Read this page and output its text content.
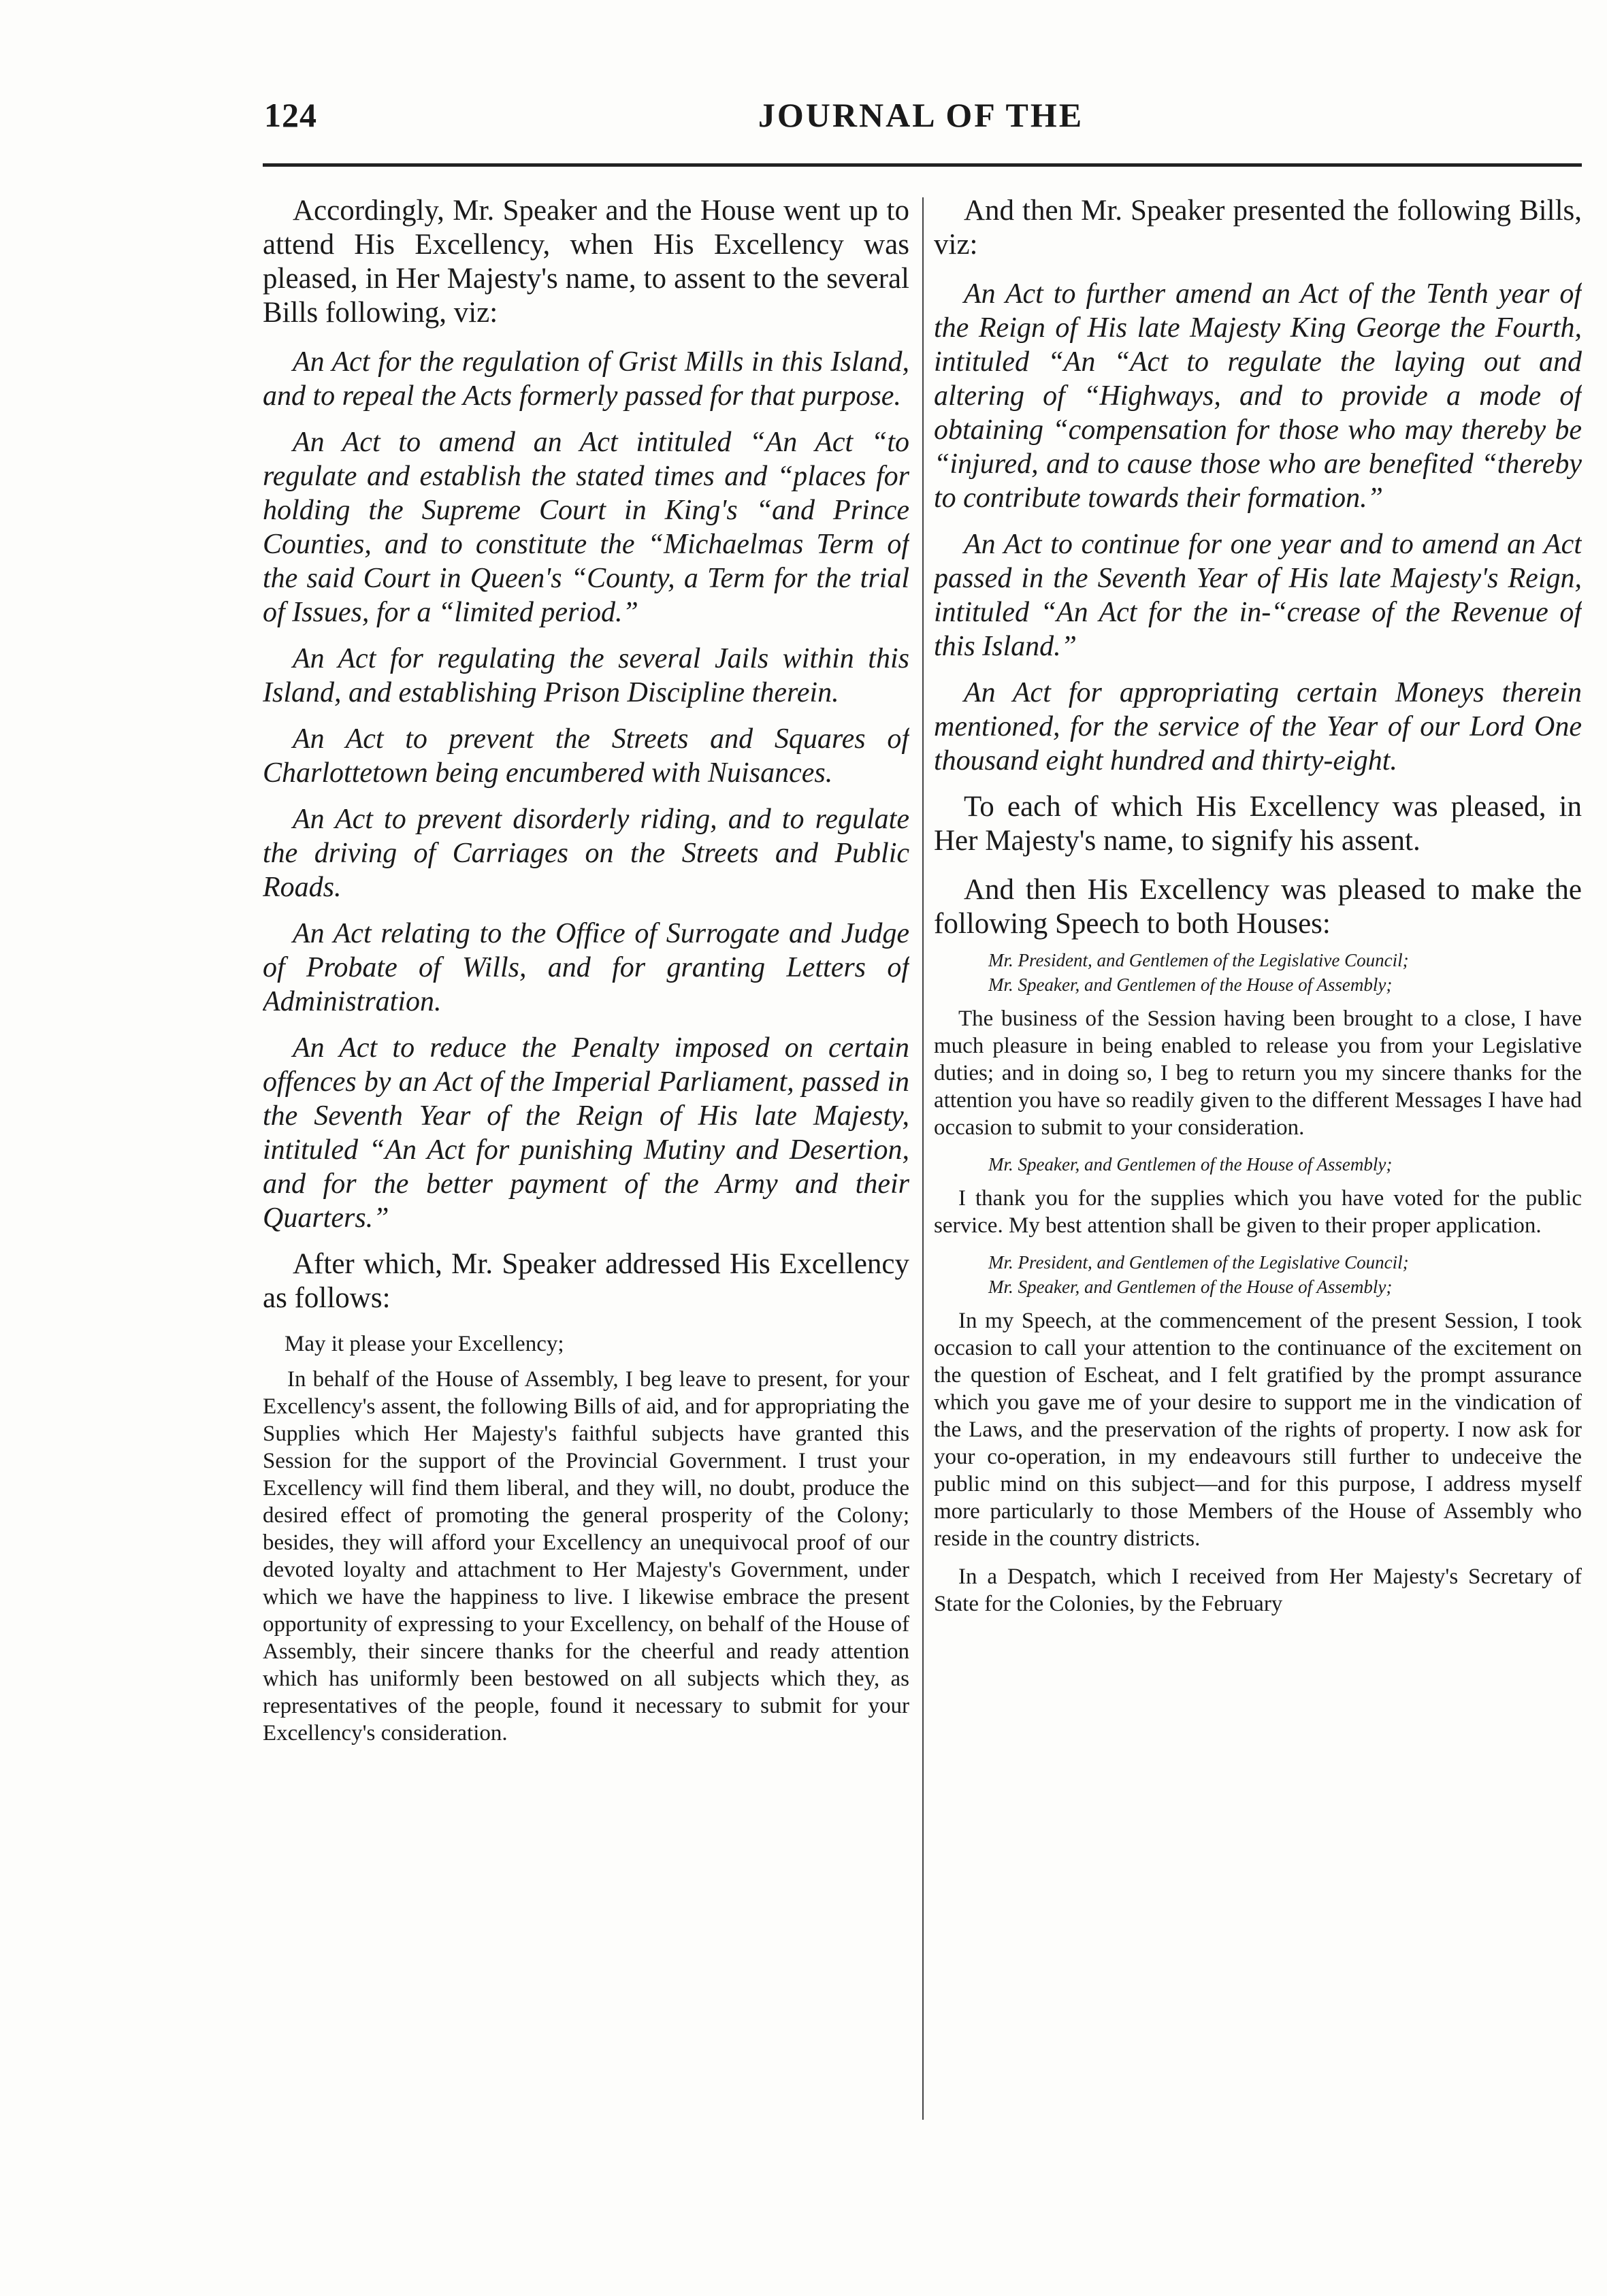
124	JOURNAL OF THE

Accordingly, Mr. Speaker and the House went up to attend His Excellency, when His Excellency was pleased, in Her Majesty's name, to assent to the several Bills following, viz:

An Act for the regulation of Grist Mills in this Island, and to repeal the Acts formerly passed for that purpose.

An Act to amend an Act intituled “An Act “to regulate and establish the stated times and “places for holding the Supreme Court in King's “and Prince Counties, and to constitute the “Michaelmas Term of the said Court in Queen's “County, a Term for the trial of Issues, for a “limited period.”

An Act for regulating the several Jails within this Island, and establishing Prison Discipline therein.

An Act to prevent the Streets and Squares of Charlottetown being encumbered with Nuisances.

An Act to prevent disorderly riding, and to regulate the driving of Carriages on the Streets and Public Roads.

An Act relating to the Office of Surrogate and Judge of Probate of Wills, and for granting Letters of Administration.

An Act to reduce the Penalty imposed on certain offences by an Act of the Imperial Parliament, passed in the Seventh Year of the Reign of His late Majesty, intituled “An Act for punishing Mutiny and Desertion, and for the better payment of the Army and their Quarters.”

After which, Mr. Speaker addressed His Excellency as follows:

May it please your Excellency;

In behalf of the House of Assembly, I beg leave to present, for your Excellency's assent, the following Bills of aid, and for appropriating the Supplies which Her Majesty's faithful subjects have granted this Session for the support of the Provincial Government. I trust your Excellency will find them liberal, and they will, no doubt, produce the desired effect of promoting the general prosperity of the Colony; besides, they will afford your Excellency an unequivocal proof of our devoted loyalty and attachment to Her Majesty's Government, under which we have the happiness to live. I likewise embrace the present opportunity of expressing to your Excellency, on behalf of the House of Assembly, their sincere thanks for the cheerful and ready attention which has uniformly been bestowed on all subjects which they, as representatives of the people, found it necessary to submit for your Excellency's consideration.

And then Mr. Speaker presented the following Bills, viz:

An Act to further amend an Act of the Tenth year of the Reign of His late Majesty King George the Fourth, intituled “An “Act to regulate the laying out and altering of “Highways, and to provide a mode of obtaining “compensation for those who may thereby be “injured, and to cause those who are benefited “thereby to contribute towards their formation.”

An Act to continue for one year and to amend an Act passed in the Seventh Year of His late Majesty's Reign, intituled “An Act for the in-“crease of the Revenue of this Island.”

An Act for appropriating certain Moneys therein mentioned, for the service of the Year of our Lord One thousand eight hundred and thirty-eight.

To each of which His Excellency was pleased, in Her Majesty's name, to signify his assent.

And then His Excellency was pleased to make the following Speech to both Houses:

Mr. President, and Gentlemen of the Legislative Council;

Mr. Speaker, and Gentlemen of the House of Assembly;

The business of the Session having been brought to a close, I have much pleasure in being enabled to release you from your Legislative duties; and in doing so, I beg to return you my sincere thanks for the attention you have so readily given to the different Messages I have had occasion to submit to your consideration.

Mr. Speaker, and Gentlemen of the House of Assembly;

I thank you for the supplies which you have voted for the public service. My best attention shall be given to their proper application.

Mr. President, and Gentlemen of the Legislative Council;

Mr. Speaker, and Gentlemen of the House of Assembly;

In my Speech, at the commencement of the present Session, I took occasion to call your attention to the continuance of the excitement on the question of Escheat, and I felt gratified by the prompt assurance which you gave me of your desire to support me in the vindication of the Laws, and the preservation of the rights of property. I now ask for your co-operation, in my endeavours still further to undeceive the public mind on this subject—and for this purpose, I address myself more particularly to those Members of the House of Assembly who reside in the country districts.

In a Despatch, which I received from Her Majesty's Secretary of State for the Colonies, by the February
